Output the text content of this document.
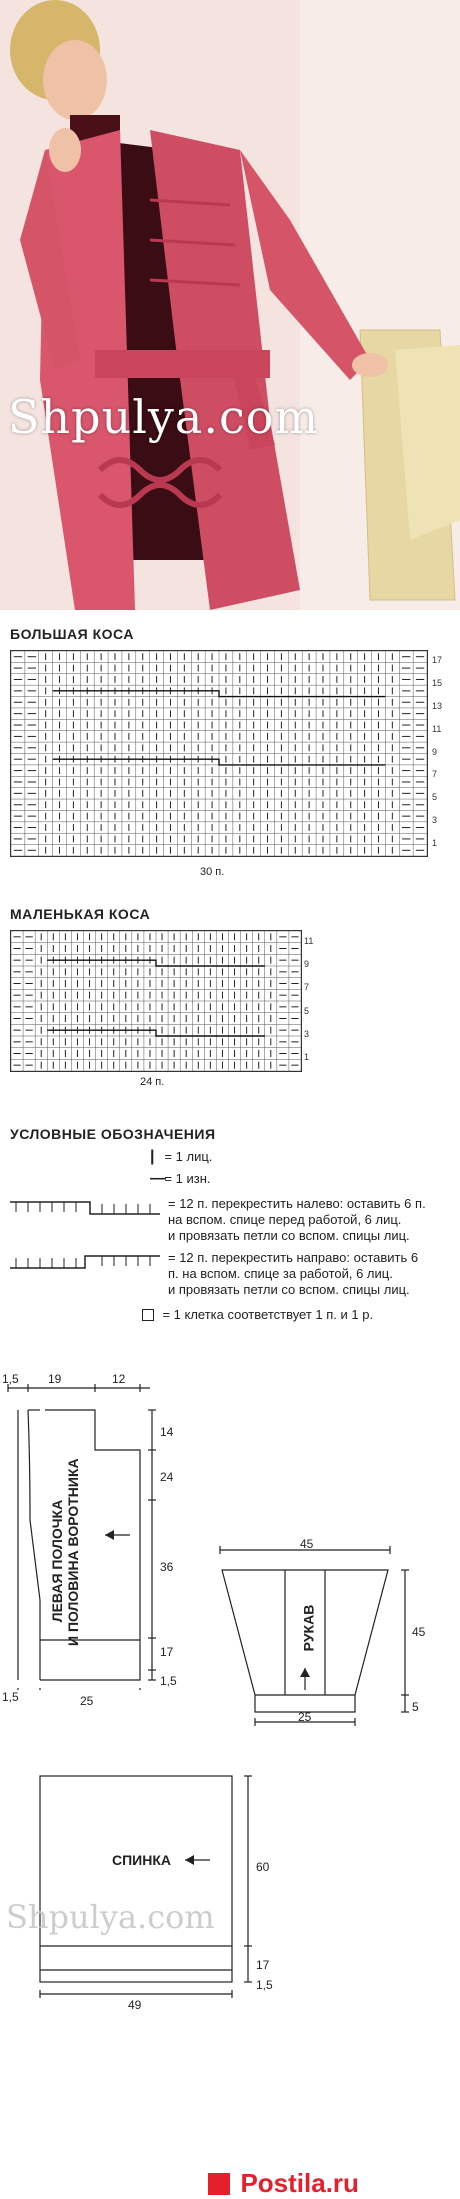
Shpulya.com
БОЛЬШАЯ КОСА
17
15
13
11
9
7
5
3
1
30 п.
МАЛЕНЬКАЯ КОСА
11
9
7
5
3
1
24 п.
УСЛОВНЫЕ ОБОЗНАЧЕНИЯ
| = 1 лиц.
— = 1 изн.
= 12 п. перекрестить налево: оставить 6 п.
на вспом. спице перед работой, 6 лиц.
и провязать петли со вспом. спицы лиц.
= 12 п. перекрестить направо: оставить 6
п. на вспом. спице за работой, 6 лиц.
и провязать петли со вспом. спицы лиц.
= 1 клетка соответствует 1 п. и 1 р.
1,5 19	12
14
24
36
17
1,5
1,5	25
ЛЕВАЯ ПОЛОЧКА И ПОЛОВИНА ВОРОТНИКА	45
45
5
25
РУКАВ
СПИНКА
Shpulya.com
60
17
1,5
49
Postila.ru
